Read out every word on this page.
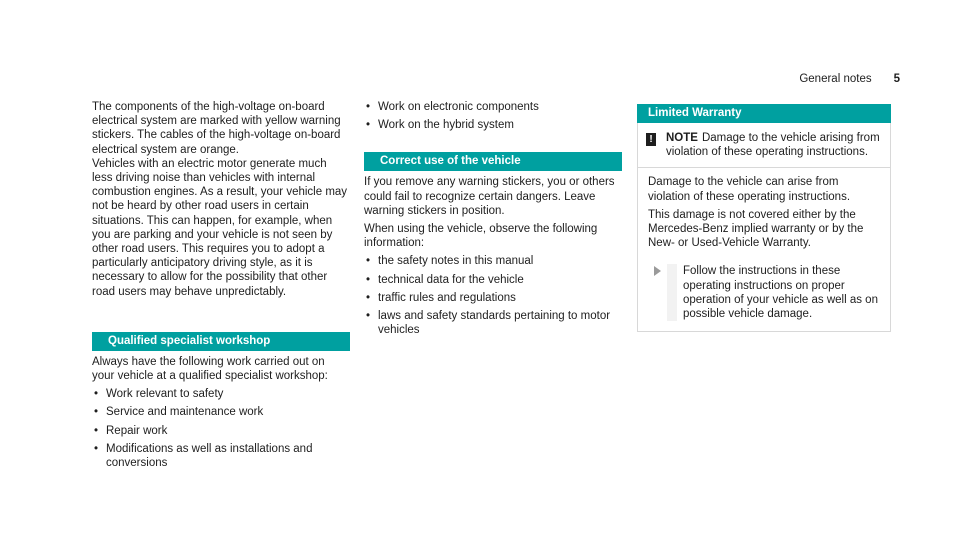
General notes 5

The components of the high-voltage on-board electrical system are marked with yellow warning stickers. The cables of the high-voltage on-board electrical system are orange.

Vehicles with an electric motor generate much less driving noise than vehicles with internal combustion engines. As a result, your vehicle may not be heard by other road users in certain situations. This can happen, for example, when you are parking and your vehicle is not seen by other road users. This requires you to adopt a particularly anticipatory driving style, as it is necessary to allow for the possibility that other road users may behave unpredictably.

Qualified specialist workshop

Always have the following work carried out on your vehicle at a qualified specialist workshop:

• Work relevant to safety
• Service and maintenance work
• Repair work
• Modifications as well as installations and conversions
• Work on electronic components
• Work on the hybrid system
Correct use of the vehicle

If you remove any warning stickers, you or others could fail to recognize certain dangers. Leave warning stickers in position.

When using the vehicle, observe the following information:

• the safety notes in this manual
• technical data for the vehicle
• traffic rules and regulations
• laws and safety standards pertaining to motor vehicles
Limited Warranty
! NOTE Damage to the vehicle arising from violation of these operating instructions.

Damage to the vehicle can arise from violation of these operating instructions.

This damage is not covered either by the Mercedes-Benz implied warranty or by the New- or Used-Vehicle Warranty.

Follow the instructions in these operating instructions on proper operation of your vehicle as well as on possible vehicle damage.
